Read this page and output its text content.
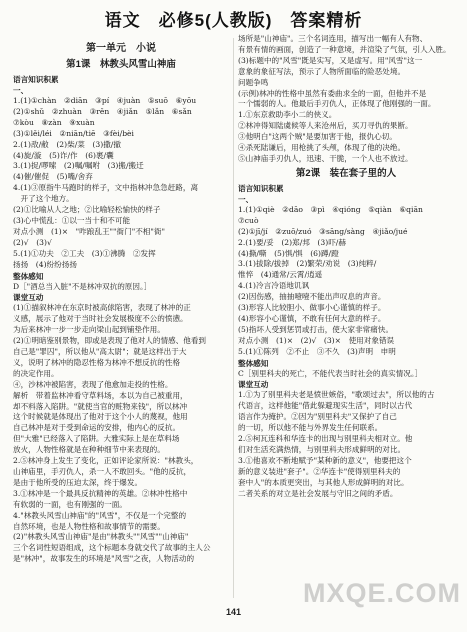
语文　必修5(人教版)　答案精析
第一单元　小说
第1课　林教头风雪山神庙
语言知识积累
一、
1.(1)①chàn　②diān　③pí　④juàn　⑤suō　⑥yōu
(2)①shǔ　②zhuàn　③rěn　④jiǎn　⑤lǎn　⑥sǎn
⑦kòu　⑧zàn　⑨xuàn
(3)①lěi/léi　②niān/tiē　③fèi/bèi
2.(1)敌/敝　(2)柴/菜　(3)撒/撤
(4)旋/漩　(5)诈/作　(6)裹/囊
3.(1)捉/啰嗦　(2)嘱/嘱咐　(3)搬/搬迁
(4)催/催促　(5)嘴/舍弃
4.(1)③原指牛马跑时的样子，文中指林冲急急赶路，离
　开了这个地方。
(2)①比喻从人之地；②比喻轻松愉快的样子
(3)心中慌乱：①以一当十和不可能
对点小测　(1)×　"咋踉乱王""衙门"不相"衙"
(2)√　(3)√
5.(1)①功夫　②工夫　(3)①沸腾　②发挥
扬扬　(4)纷纷扬扬
整体感知
D［"酒总当入脏"不是林冲双抗的原因。］
课堂互动
(1)①描叙林冲在东京时被高俅陷害，表现了林冲的正
义感，展示了他对于当时社会发展极度不公的愤懑。
为后来林冲一步一步走向梁山起到铺垫作用。
(2)①明暗鉴别景物，即或是表现了他对人的情感、他看到
自己是"罪囚"，所以他从"高太尉"；就是这样出于大
义，说明了林冲的隐忍性格为林冲不想反抗的性格
的决定作用。
④，沙林冲被陷害，表现了他愈加走投的性格。
解析　带着监林冲看守草料场，本以为自己被重用，
却不料落入陷阱。"就使当官的赃物来钱"，所以林冲
这个时候就是体现出了他对于这个小人的蔑视，他用
自己林冲是对于受到命运的安排，他内心的反抗。
但"大雅"已经落入了陷阱。大雅实际上是在草料场
放火，人物性格就是在种种细节中来表现的。
2.⑤林冲身上发生了变化，正如评论家所说："林教头，
山神庙里，手刃仇人，杀一人不敢回头。"他的反抗，
是由于他所受的压迫太深，终于爆发。
3.①林冲是一个最具反抗精神的英雄。②林冲性格中
有软弱的一面，也有刚强的一面。
4."林教头风雪山神庙"的"风雪"，不仅是一个完整的
自然环境，也是人物性格和故事情节的需要。
(2)"林教头风雪山神庙"是由"林教头""风雪""山神庙"
三个名词性短语组成，这个标题本身就交代了故事的主人公
是"林冲"，故事发生的环境是"风雪"之夜，人物活动的
场所是"山神庙"。三个名词连用，描写出一幅有人有物、
有景有情的画面，创造了一种意境，并渲染了气氛，引人入胜。
(3)标题中的"风雪"既是实写，又是虚写。用"风雪"这一
意象的象征写法，预示了人物所面临的险恶处境。
问题争鸣
(示例)林冲的性格中虽然有委曲求全的一面，但他并不是
一个懦弱的人。他最后手刃仇人，正体现了他刚强的一面。
1.①东京救助李小二的侠义。
②林冲得知陆虞候等人来沧州后，买刀寻仇的果断。
③他明白"这两个贼"是要加害于他，报仇心切。
④杀死陆谦后，用枪挑了头颅，体现了他的决绝。
⑤山神庙手刃仇人，迅速、干脆，一个人也不放过。
第2课　装在套子里的人
语言知识积累
一、
1.(1)①qiè　②dāo　③pì　④qióng　⑤qiàn　⑥qiān
⑦cuò
(2)①jī/jí　②zuō/zuó　③sāng/sàng　④jiǎo/jué
2.(1)要/妥　(2)郑/邦　(3)吓/赫
(4)撕/嘶　(5)惧/惧　(6)蹲/蹬
3.(1)拔除/拔掉　(2)繁荣/劝说　(3)纯粹/
惟悴　(4)通常/云霄/逍遥
4.(1)冷言冷语地讥讽
(2)因伤感，抽抽噎噎不能出声叹息的声音。
(3)形容人比较胆小、做事小心谨慎的样子。
(4)形容小心谨慎，不敢有任何大意的样子。
(5)指坏人受到惩罚或打击，使大家非常痛快。
对点小测　(1)×　(2)√　(3)×　使用对象错误
5.(1)①陈列　②不止　③不久　(3)声明　申明
整体感知
C［别里科夫的死亡，不能代表当时社会的真实情况。］
课堂互动
1.①为了别里科夫老是愤世嫉俗，"歌颂过去"，所以他的古
代语言，这样他能"借此躲避现实生活"，同时以古代
语言作为掩护。②因为"别里科夫"又保护了自己
的一切，所以他不能与外界发生任何联系。
2.⑤柯瓦连科和华连卡的出现与别里科夫相对立。他
们对生活充满热情，与别里科夫形成鲜明的对比。
3.①他喜欢不断地赋予"某种新的意义"，他要把这个
新的意义装进"套子"。②华连卡"使得别里科夫的
套中人"的本质更突出，与其他人形成鲜明的对比。
二者关系的对立是社会发展与守旧之间的矛盾。
MXQE.COM
141
